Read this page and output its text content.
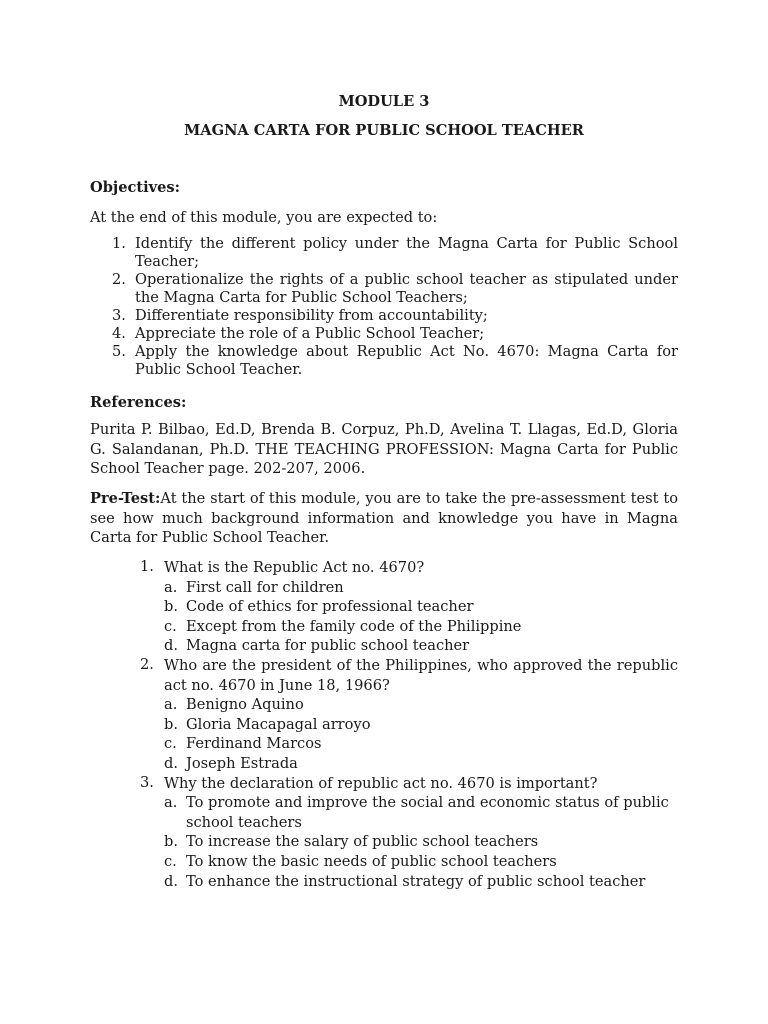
MODULE 3
MAGNA CARTA FOR PUBLIC SCHOOL TEACHER
Objectives:
At the end of this module, you are expected to:
1. Identify the different policy under the Magna Carta for Public School Teacher;
2. Operationalize the rights of a public school teacher as stipulated under the Magna Carta for Public School Teachers;
3. Differentiate responsibility from accountability;
4. Appreciate the role of a Public School Teacher;
5. Apply the knowledge about Republic Act No. 4670: Magna Carta for Public School Teacher.
References:
Purita P. Bilbao, Ed.D, Brenda B. Corpuz, Ph.D, Avelina T. Llagas, Ed.D, Gloria G. Salandanan, Ph.D. THE TEACHING PROFESSION: Magna Carta for Public School Teacher page. 202-207, 2006.
Pre-Test:At the start of this module, you are to take the pre-assessment test to see how much background information and knowledge you have in Magna Carta for Public School Teacher.
1. What is the Republic Act no. 4670?
a. First call for children
b. Code of ethics for professional teacher
c. Except from the family code of the Philippine
d. Magna carta for public school teacher
2. Who are the president of the Philippines, who approved the republic act no. 4670 in June 18, 1966?
a. Benigno Aquino
b. Gloria Macapagal arroyo
c. Ferdinand Marcos
d. Joseph Estrada
3. Why the declaration of republic act no. 4670 is important?
a. To promote and improve the social and economic status of public school teachers
b. To increase the salary of public school teachers
c. To know the basic needs of public school teachers
d. To enhance the instructional strategy of public school teacher
